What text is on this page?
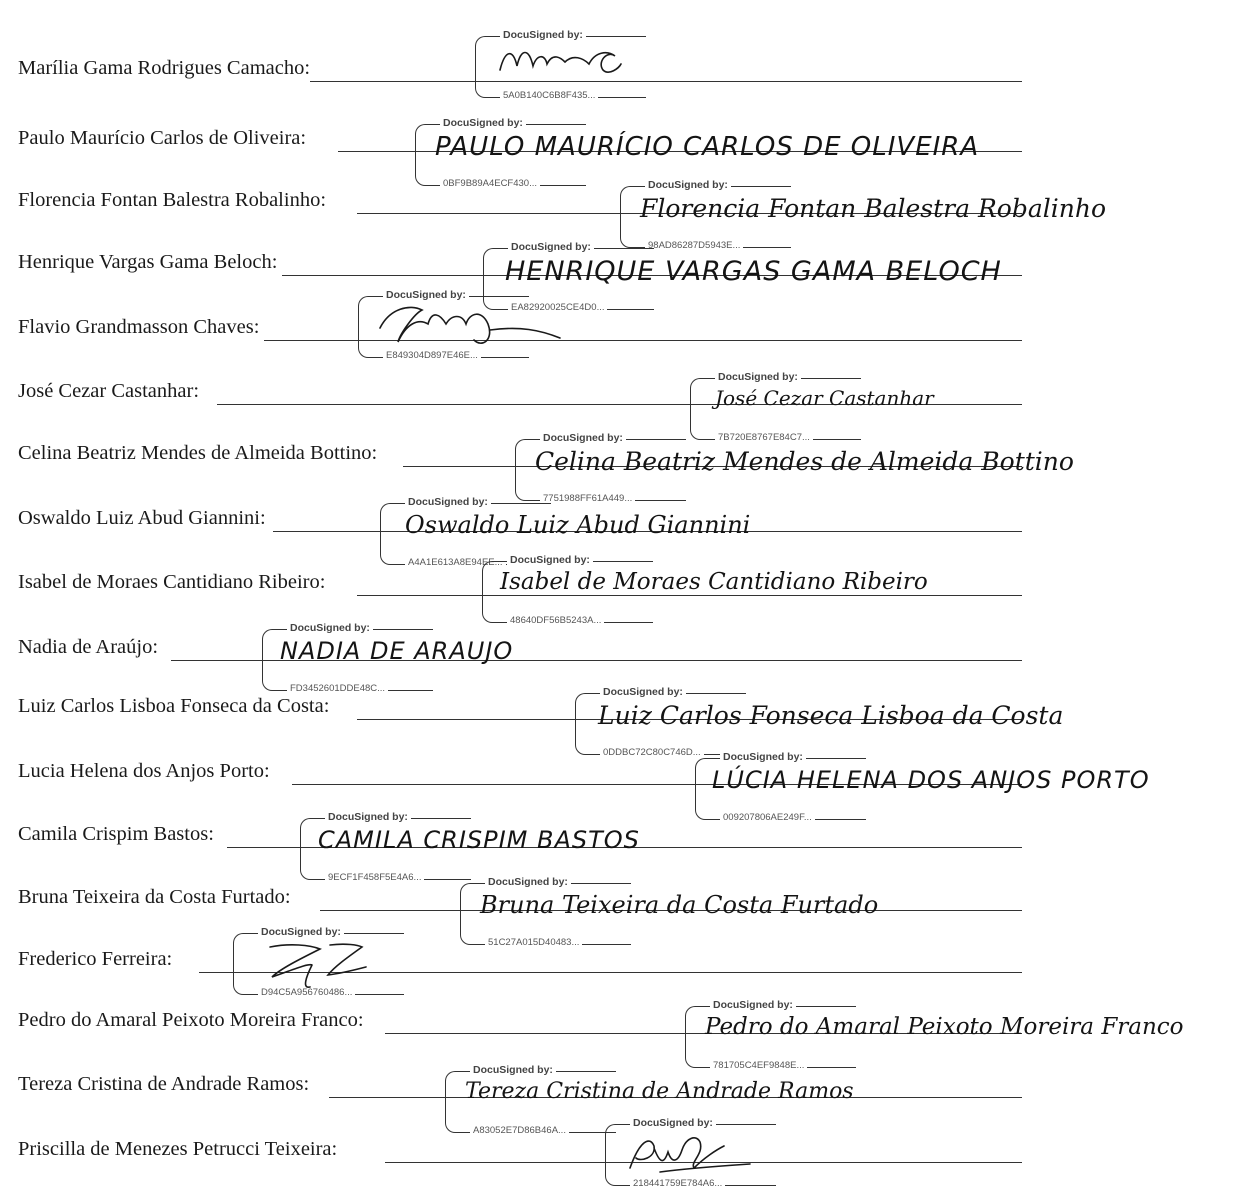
Marília Gama Rodrigues Camacho:
DocuSigned by:
5A0B140C6B8F435...
Paulo Maurício Carlos de Oliveira:
DocuSigned by:
0BF9B89A4ECF430...
PAULO MAURÍCIO CARLOS DE OLIVEIRA
Florencia Fontan Balestra Robalinho:
DocuSigned by:
98AD86287D5943E...
Florencia Fontan Balestra Robalinho
Henrique Vargas Gama Beloch:
DocuSigned by:
EA82920025CE4D0...
HENRIQUE VARGAS GAMA BELOCH
Flavio Grandmasson Chaves:
DocuSigned by:
E849304D897E46E...
José Cezar Castanhar:
DocuSigned by:
7B720E8767E84C7...
José Cezar Castanhar
Celina Beatriz Mendes de Almeida Bottino:
DocuSigned by:
7751988FF61A449...
Celina Beatriz Mendes de Almeida Bottino
Oswaldo Luiz Abud Giannini:
DocuSigned by:
A4A1E613A8E94EE...
Oswaldo Luiz Abud Giannini
Isabel de Moraes Cantidiano Ribeiro:
DocuSigned by:
48640DF56B5243A...
Isabel de Moraes Cantidiano Ribeiro
Nadia de Araújo:
DocuSigned by:
FD3452601DDE48C...
NADIA DE ARAUJO
Luiz Carlos Lisboa Fonseca da Costa:
DocuSigned by:
0DDBC72C80C746D...
Luiz Carlos Fonseca Lisboa da Costa
Lucia Helena dos Anjos Porto:
DocuSigned by:
009207806AE249F...
LÚCIA HELENA DOS ANJOS PORTO
Camila Crispim Bastos:
DocuSigned by:
9ECF1F458F5E4A6...
CAMILA CRISPIM BASTOS
Bruna Teixeira da Costa Furtado:
DocuSigned by:
51C27A015D40483...
Bruna Teixeira da Costa Furtado
Frederico Ferreira:
DocuSigned by:
D94C5A956760486...
Pedro do Amaral Peixoto Moreira Franco:
DocuSigned by:
781705C4EF9848E...
Pedro do Amaral Peixoto Moreira Franco
Tereza Cristina de Andrade Ramos:
DocuSigned by:
A83052E7D86B46A...
Tereza Cristina de Andrade Ramos
Priscilla de Menezes Petrucci Teixeira:
DocuSigned by:
218441759E784A6...
